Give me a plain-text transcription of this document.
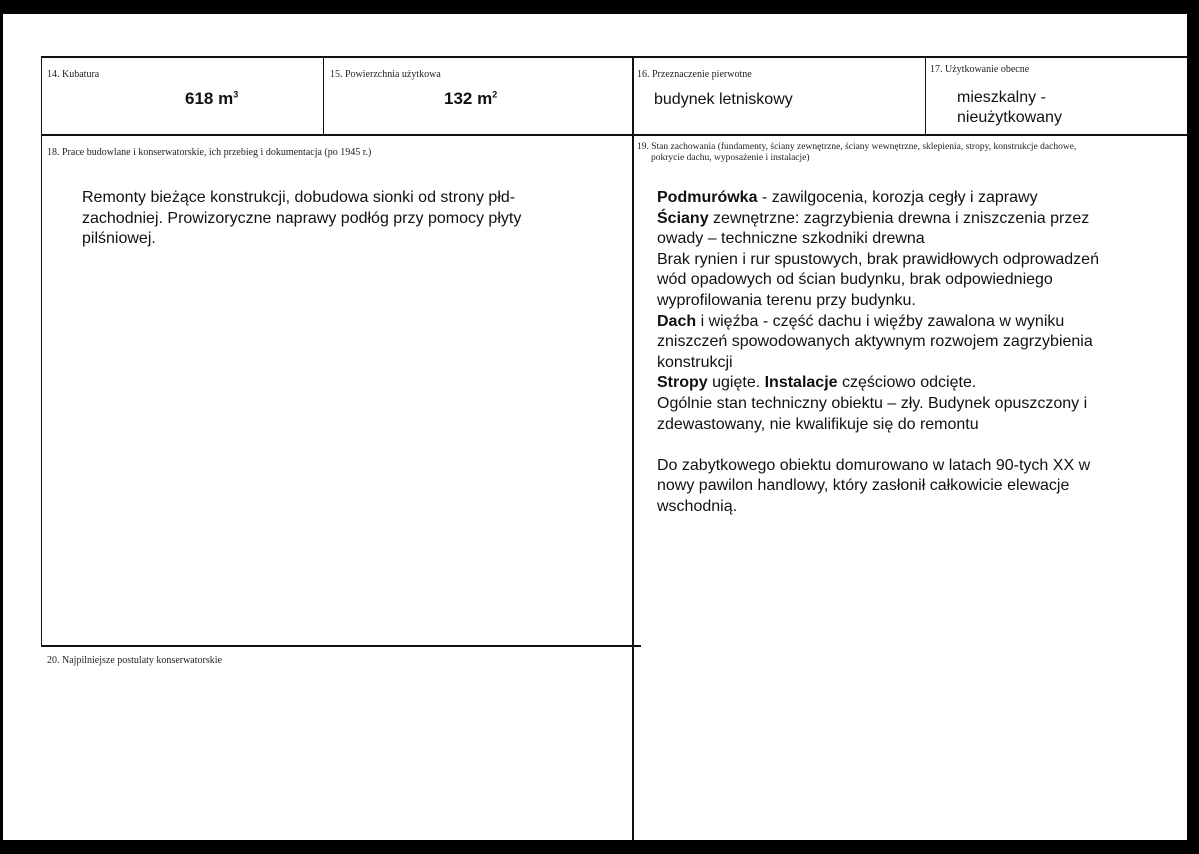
14. Kubatura
618 $m^3$
15. Powierzchnia użytkowa
132 $m^2$
16. Przeznaczenie pierwotne
budynek letniskowy
17. Użytkowanie obecne
mieszkalny -
nieużytkowany
18. Prace budowlane i konserwatorskie, ich przebieg i dokumentacja (po 1945 r.)
Remonty bieżące konstrukcji, dobudowa sionki od strony płd-
zachodniej. Prowizoryczne naprawy podłóg przy pomocy płyty
pilśniowej.
19. Stan zachowania (fundamenty, ściany zewnętrzne, ściany wewnętrzne, sklepienia, stropy, konstrukcje dachowe,
pokrycie dachu, wyposażenie i instalacje)
Podmurówka - zawilgocenia, korozja cegły i zaprawy
Ściany zewnętrzne: zagrzybienia drewna i zniszczenia przez
owady – techniczne szkodniki drewna
Brak rynien i rur spustowych, brak prawidłowych odprowadzeń
wód opadowych od ścian budynku, brak odpowiedniego
wyprofilowania terenu przy budynku.
Dach i więźba - część dachu i więźby zawalona w wyniku
zniszczeń spowodowanych aktywnym rozwojem zagrzybienia
konstrukcji
Stropy ugięte. Instalacje częściowo odcięte.
Ogólnie stan techniczny obiektu – zły. Budynek opuszczony i
zdewastowany, nie kwalifikuje się do remontu
Do zabytkowego obiektu domurowano w latach 90-tych XX w
nowy pawilon handlowy, który zasłonił całkowicie elewacje
wschodnią.
20. Najpilniejsze postulaty konserwatorskie
